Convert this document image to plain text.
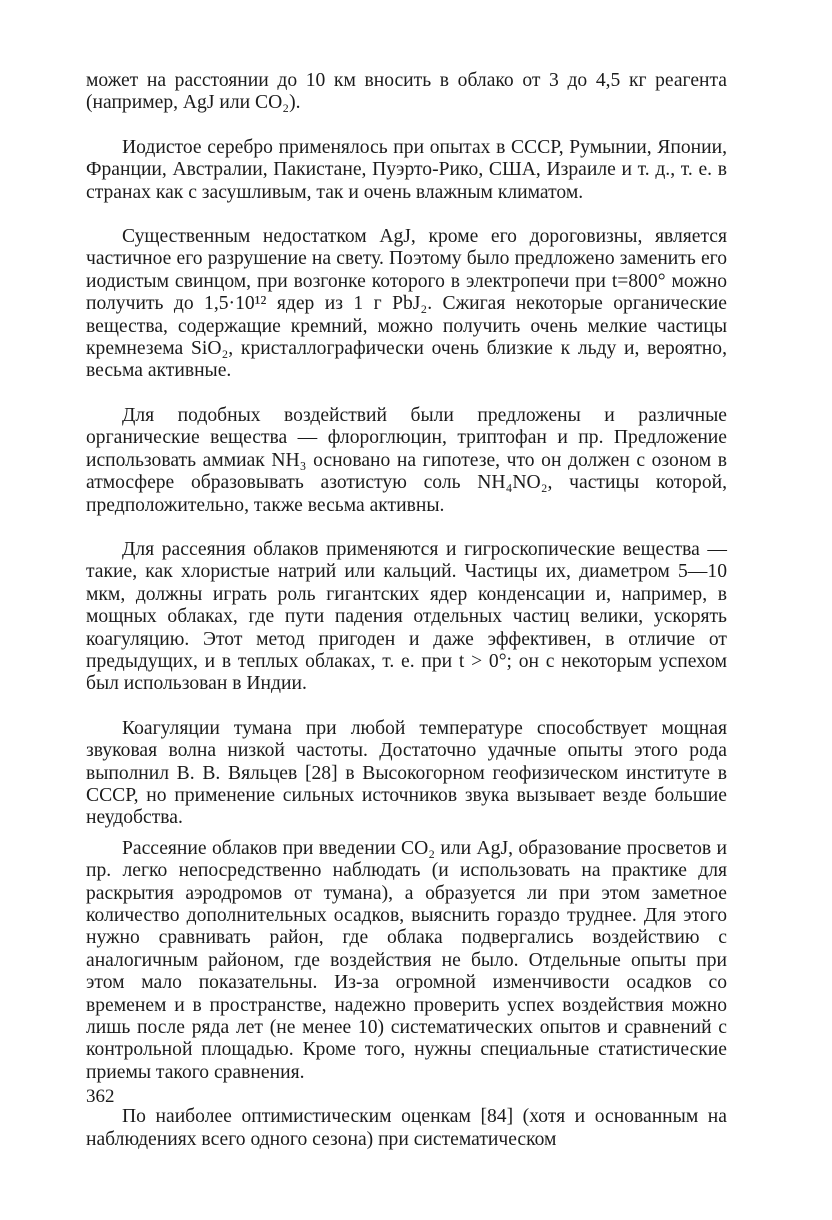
может на расстоянии до 10 км вносить в облако от 3 до 4,5 кг реагента (например, AgJ или CO₂).

Иодистое серебро применялось при опытах в СССР, Румынии, Японии, Франции, Австралии, Пакистане, Пуэрто-Рико, США, Израиле и т. д., т. е. в странах как с засушливым, так и очень влажным климатом.

Существенным недостатком AgJ, кроме его дороговизны, является частичное его разрушение на свету. Поэтому было предложено заменить его иодистым свинцом, при возгонке которого в электропечи при t=800° можно получить до 1,5·10¹² ядер из 1 г PbJ₂. Сжигая некоторые органические вещества, содержащие кремний, можно получить очень мелкие частицы кремнезема SiO₂, кристаллографически очень близкие к льду и, вероятно, весьма активные.

Для подобных воздействий были предложены и различные органические вещества — флороглюцин, триптофан и пр. Предложение использовать аммиак NH₃ основано на гипотезе, что он должен с озоном в атмосфере образовывать азотистую соль NH₄NO₂, частицы которой, предположительно, также весьма активны.

Для рассеяния облаков применяются и гигроскопические вещества — такие, как хлористые натрий или кальций. Частицы их, диаметром 5—10 мкм, должны играть роль гигантских ядер конденсации и, например, в мощных облаках, где пути падения отдельных частиц велики, ускорять коагуляцию. Этот метод пригоден и даже эффективен, в отличие от предыдущих, и в теплых облаках, т. е. при t > 0°; он с некоторым успехом был использован в Индии.

Коагуляции тумана при любой температуре способствует мощная звуковая волна низкой частоты. Достаточно удачные опыты этого рода выполнил В. В. Вяльцев [28] в Высокогорном геофизическом институте в СССР, но применение сильных источников звука вызывает везде большие неудобства.

Рассеяние облаков при введении CO₂ или AgJ, образование просветов и пр. легко непосредственно наблюдать (и использовать на практике для раскрытия аэродромов от тумана), а образуется ли при этом заметное количество дополнительных осадков, выяснить гораздо труднее. Для этого нужно сравнивать район, где облака подвергались воздействию с аналогичным районом, где воздействия не было. Отдельные опыты при этом мало показательны. Из-за огромной изменчивости осадков со временем и в пространстве, надежно проверить успех воздействия можно лишь после ряда лет (не менее 10) систематических опытов и сравнений с контрольной площадью. Кроме того, нужны специальные статистические приемы такого сравнения.

По наиболее оптимистическим оценкам [84] (хотя и основанным на наблюдениях всего одного сезона) при систематическом

362
